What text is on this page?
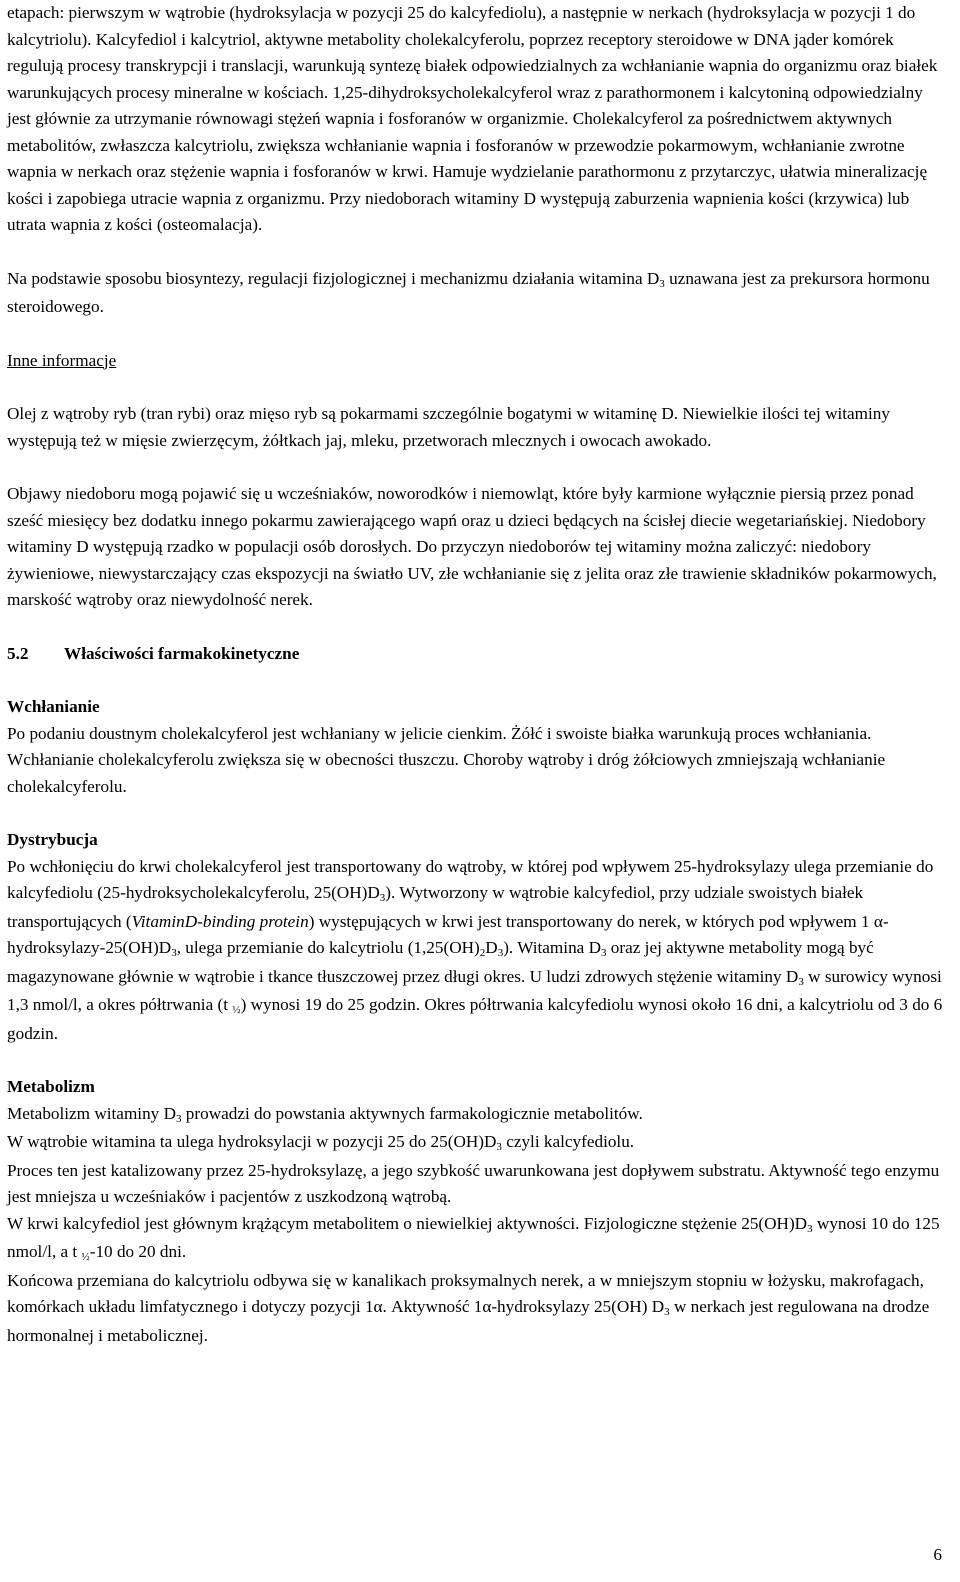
etapach: pierwszym w wątrobie (hydroksylacja w pozycji 25 do kalcyfediolu), a następnie w nerkach (hydroksylacja w pozycji 1 do kalcytriolu). Kalcyfediol i kalcytriol, aktywne metabolity cholekalcyferolu, poprzez receptory steroidowe w DNA jąder komórek regulują procesy transkrypcji i translacji, warunkują syntezę białek odpowiedzialnych za wchłanianie wapnia do organizmu oraz białek warunkujących procesy mineralne w kościach. 1,25-dihydroksycholekalcyferol wraz z parathormonem i kalcytoniną odpowiedzialny jest głównie za utrzymanie równowagi stężeń wapnia i fosforanów w organizmie. Cholekalcyferol za pośrednictwem aktywnych metabolitów, zwłaszcza kalcytriolu, zwiększa wchłanianie wapnia i fosforanów w przewodzie pokarmowym, wchłanianie zwrotne wapnia w nerkach oraz stężenie wapnia i fosforanów w krwi. Hamuje wydzielanie parathormonu z przytarczyc, ułatwia mineralizację kości i zapobiega utracie wapnia z organizmu. Przy niedoborach witaminy D występują zaburzenia wapnienia kości (krzywica) lub utrata wapnia z kości (osteomalacja).

Na podstawie sposobu biosyntezy, regulacji fizjologicznej i mechanizmu działania witamina D3 uznawana jest za prekursora hormonu steroidowego.

Inne informacje

Olej z wątroby ryb (tran rybi) oraz mięso ryb są pokarmami szczególnie bogatymi w witaminę D. Niewielkie ilości tej witaminy występują też w mięsie zwierzęcym, żółtkach jaj, mleku, przetworach mlecznych i owocach awokado.

Objawy niedoboru mogą pojawić się u wcześniaków, noworodków i niemowląt, które były karmione wyłącznie piersią przez ponad sześć miesięcy bez dodatku innego pokarmu zawierającego wapń oraz u dzieci będących na ścisłej diecie wegetariańskiej. Niedobory witaminy D występują rzadko w populacji osób dorosłych. Do przyczyn niedoborów tej witaminy można zaliczyć: niedobory żywieniowe, niewystarczający czas ekspozycji na światło UV, złe wchłanianie się z jelita oraz złe trawienie składników pokarmowych, marskość wątroby oraz niewydolność nerek.

5.2 Właściwości farmakokinetyczne

Wchłanianie

Po podaniu doustnym cholekalcyferol jest wchłaniany w jelicie cienkim. Żółć i swoiste białka warunkują proces wchłaniania. Wchłanianie cholekalcyferolu zwiększa się w obecności tłuszczu. Choroby wątroby i dróg żółciowych zmniejszają wchłanianie cholekalcyferolu.

Dystrybucja

Po wchłonięciu do krwi cholekalcyferol jest transportowany do wątroby, w której pod wpływem 25-hydroksylazy ulega przemianie do kalcyfediolu (25-hydroksycholekalcyferolu, 25(OH)D3). Wytworzony w wątrobie kalcyfediol, przy udziale swoistych białek transportujących (VitaminD-binding protein) występujących w krwi jest transportowany do nerek, w których pod wpływem 1 α-hydroksylazy-25(OH)D3, ulega przemianie do kalcytriolu (1,25(OH)2D3). Witamina D3 oraz jej aktywne metabolity mogą być magazynowane głównie w wątrobie i tkance tłuszczowej przez długi okres. U ludzi zdrowych stężenie witaminy D3 w surowicy wynosi 1,3 nmol/l, a okres półtrwania (t ½) wynosi 19 do 25 godzin. Okres półtrwania kalcyfediolu wynosi około 16 dni, a kalcytriolu od 3 do 6 godzin.

Metabolizm

Metabolizm witaminy D3 prowadzi do powstania aktywnych farmakologicznie metabolitów.

W wątrobie witamina ta ulega hydroksylacji w pozycji 25 do 25(OH)D3 czyli kalcyfediolu.

Proces ten jest katalizowany przez 25-hydroksylazę, a jego szybkość uwarunkowana jest dopływem substratu. Aktywność tego enzymu jest mniejsza u wcześniaków i pacjentów z uszkodzoną wątrobą.

W krwi kalcyfediol jest głównym krążącym metabolitem o niewielkiej aktywności. Fizjologiczne stężenie 25(OH)D3 wynosi 10 do 125 nmol/l, a t ½-10 do 20 dni.

Końcowa przemiana do kalcytriolu odbywa się w kanalikach proksymalnych nerek, a w mniejszym stopniu w łożysku, makrofagach, komórkach układu limfatycznego i dotyczy pozycji 1α. Aktywność 1α-hydroksylazy 25(OH) D3 w nerkach jest regulowana na drodze hormonalnej i metabolicznej.

6
